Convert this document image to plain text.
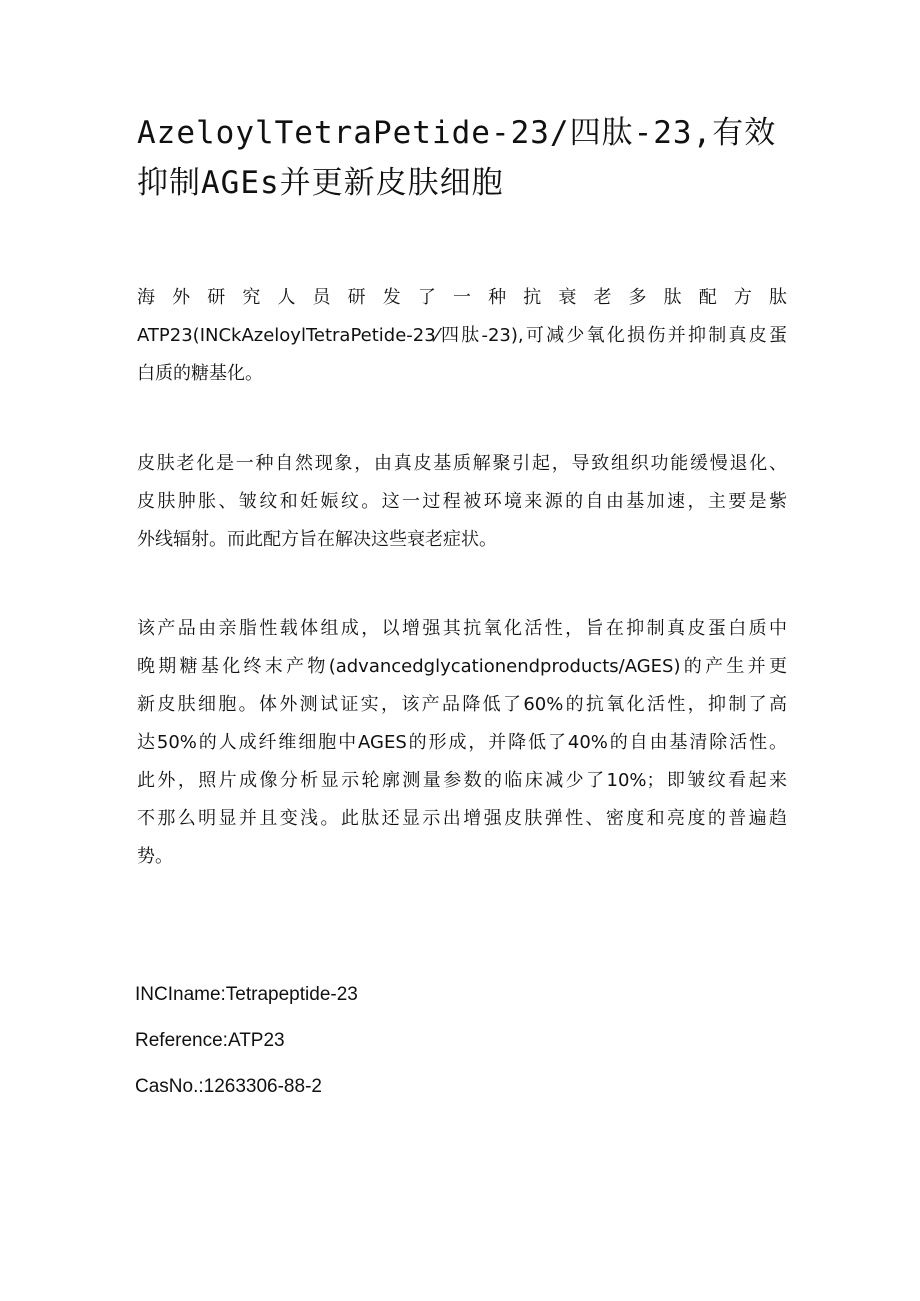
AzeloylTetraPetide-23/四肽-23,有效
抑制AGEs并更新皮肤细胞

海外研究人员研发了一种抗衰老多肽配方肽
ATP23(INCkAzeloylTetraPetide-23⁄四肽-23),可减少氧化损伤并抑制真皮蛋
白质的糖基化。

皮肤老化是一种自然现象，由真皮基质解聚引起，导致组织功能缓慢退化、
皮肤肿胀、皱纹和妊娠纹。这一过程被环境来源的自由基加速，主要是紫
外线辐射。而此配方旨在解决这些衰老症状。

该产品由亲脂性载体组成，以增强其抗氧化活性，旨在抑制真皮蛋白质中
晚期糖基化终末产物(advancedglycationendproducts/AGES)的产生并更
新皮肤细胞。体外测试证实，该产品降低了60%的抗氧化活性，抑制了高
达50%的人成纤维细胞中AGES的形成，并降低了40%的自由基清除活性。
此外，照片成像分析显示轮廓测量参数的临床减少了10%；即皱纹看起来
不那么明显并且变浅。此肽还显示出增强皮肤弹性、密度和亮度的普遍趋
势。

INCIname:Tetrapeptide-23

Reference:ATP23

CasNo.:1263306-88-2
